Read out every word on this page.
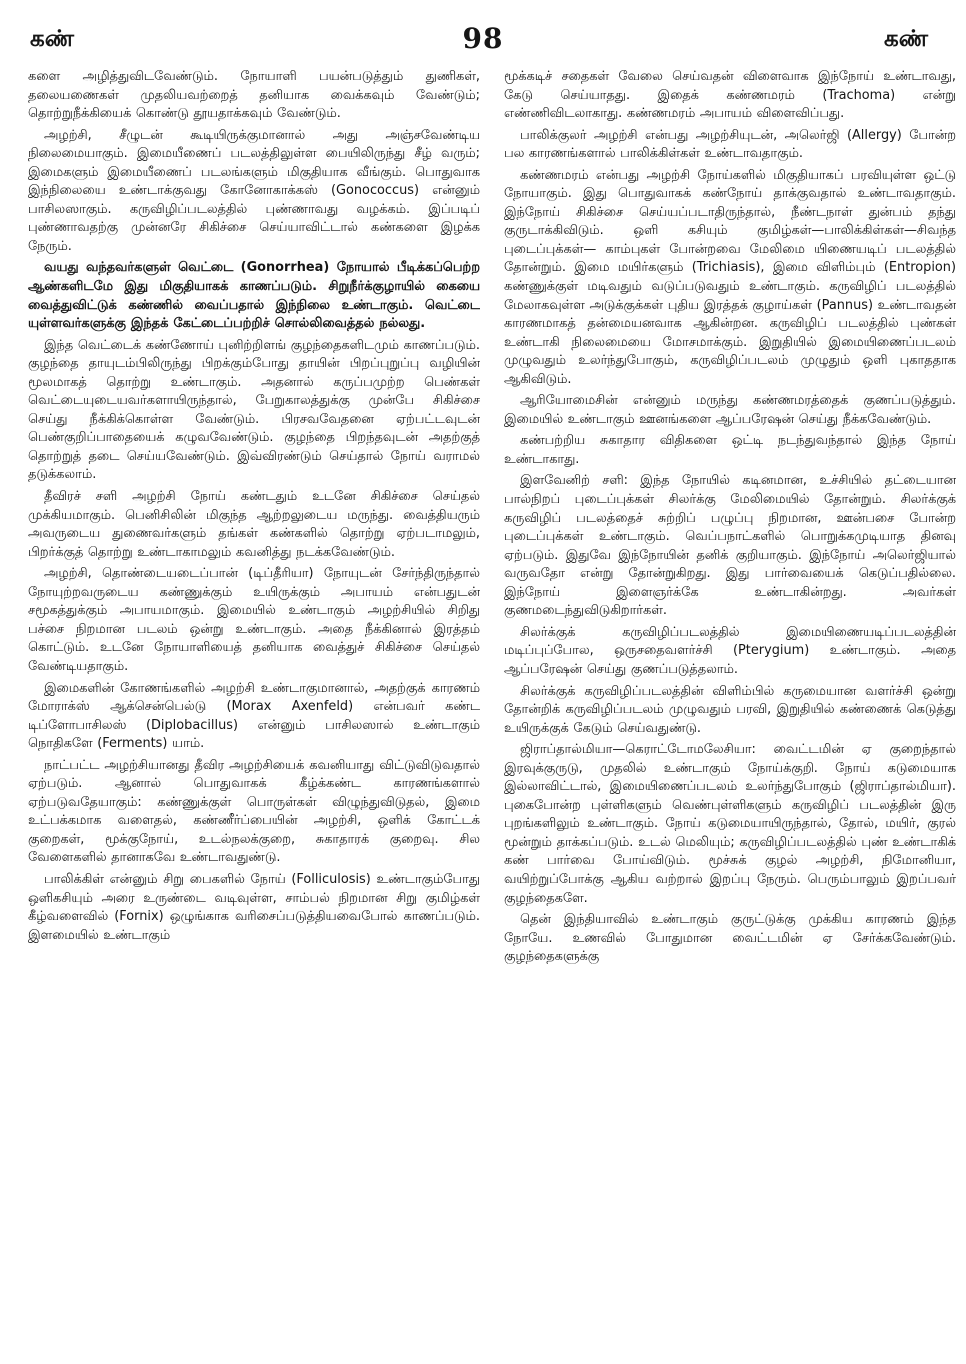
கண்	98	கண்

களை அழித்துவிடவேண்டும். நோயாளி பயன்படுத்தும் துணிகள், தலையணைகள் முதலியவற்றைத் தனியாக வைக்கவும் வேண்டும்; தொற்றுநீக்கியைக் கொண்டு தூயதாக்கவும் வேண்டும்.

அழற்சி, சீழுடன் கூடியிருக்குமானால் அது அஞ்சவேண்டிய நிலைமையாகும். இமையீணைப் படலத்திலுள்ள பையிலிருந்து சீழ் வரும்; இமைகளும் இமையீணைப் படலங்களும் மிகுதியாக வீங்கும். பொதுவாக இந்நிலையை உண்டாக்குவது கோனோகாக்கஸ் (Gonococcus) என்னும் பாசிலஸாகும். கருவிழிப்படலத்தில் புண்ணாவது வழக்கம். இப்படிப் புண்ணாவதற்கு முன்னரே சிகிச்சை செய்யாவிட்டால் கண்களை இழக்க நேரும்.

வயது வந்தவர்களுள் வெட்டை (Gonorrhea) நோயால் பீடிக்கப்பெற்ற ஆண்களிடமே இது மிகுதியாகக் காணப்படும். சிறுநீர்க்குழாயில் கையை வைத்துவிட்டுக் கண்ணில் வைப்பதால் இந்நிலை உண்டாகும். வெட்டை யுள்ளவர்களுக்கு இந்தக் கேட்டைப்பற்றிச் சொல்லிவைத்தல் நல்லது.

இந்த வெட்டைக் கண்ணோய் புனிற்றிளங் குழந்தைகளிடமும் காணப்படும். குழந்தை தாயுடம்பிலிருந்து பிறக்கும்போது தாயின் பிறப்புறுப்பு வழியின் மூலமாகத் தொற்று உண்டாகும். அதனால் கருப்பமுற்ற பெண்கள் வெட்டையுடையவர்களாயிருந்தால், பேறுகாலத்துக்கு முன்பே சிகிச்சை செய்து நீக்கிக்கொள்ள வேண்டும். பிரசவவேதனை ஏற்பட்டவுடன் பெண்குறிப்பாதையைக் கழுவவேண்டும். குழந்தை பிறந்தவுடன் அதற்குத் தொற்றுத் தடை செய்யவேண்டும். இவ்விரண்டும் செய்தால் நோய் வராமல் தடுக்கலாம்.

தீவிரச் சளி அழற்சி நோய் கண்டதும் உடனே சிகிச்சை செய்தல் முக்கியமாகும். பெனிசிலின் மிகுந்த ஆற்றலுடைய மருந்து. வைத்தியரும் அவருடைய துணைவர்களும் தங்கள் கண்களில் தொற்று ஏற்படாமலும், பிறர்க்குத் தொற்று உண்டாகாமலும் கவனித்து நடக்கவேண்டும்.

அழற்சி, தொண்டையடைப்பான் (டிப்தீரியா) நோயுடன் சேர்ந்திருந்தால் நோயுற்றவருடைய கண்ணுக்கும் உயிருக்கும் அபாயம் என்பதுடன் சமூகத்துக்கும் அபாயமாகும். இமையில் உண்டாகும் அழற்சியில் சிறிது பச்சை நிறமான படலம் ஒன்று உண்டாகும். அதை நீக்கினால் இரத்தம் கொட்டும். உடனே நோயாளியைத் தனியாக வைத்துச் சிகிச்சை செய்தல் வேண்டியதாகும்.

இமைகளின் கோணங்களில் அழற்சி உண்டாகுமானால், அதற்குக் காரணம் மோராக்ஸ் ஆக்சென்பெல்டு (Morax Axenfeld) என்பவர் கண்ட டிப்ளோபாசிலஸ் (Diplobacillus) என்னும் பாசிலஸால் உண்டாகும் நொதிகளே (Ferments) யாம்.

நாட்பட்ட அழற்சியானது தீவிர அழற்சியைக் கவனியாது விட்டுவிடுவதால் ஏற்படும். ஆனால் பொதுவாகக் கீழ்க்கண்ட காரணங்களால் ஏற்படுவதேயாகும்: கண்ணுக்குள் பொருள்கள் விழுந்துவிடுதல், இமை உட்பக்கமாக வளைதல், கண்ணீர்ப்பையின் அழற்சி, ஒளிக் கோட்டக் குறைகள், மூக்குநோய், உடல்நலக்குறை, சுகாதாரக் குறைவு. சில வேளைகளில் தானாகவே உண்டாவதுண்டு.

பாலிக்கிள் என்னும் சிறு பைகளில் நோய் (Folliculosis) உண்டாகும்போது ஒளிகசியும் அரை உருண்டை வடிவுள்ள, சாம்பல் நிறமான சிறு குமிழ்கள் கீழ்வளைவில் (Fornix) ஒழுங்காக வரிசைப்படுத்தியவைபோல் காணப்படும். இளமையில் உண்டாகும்

மூக்கடிச் சதைகள் வேலை செய்வதன் விளைவாக இந்நோய் உண்டாவது, கேடு செய்யாதது. இதைக் கண்ணமரம் (Trachoma) என்று எண்ணிவிடலாகாது. கண்ணமரம் அபாயம் விளைவிப்பது.

பாலிக்குலர் அழற்சி என்பது அழற்சியுடன், அலெர்ஜி (Allergy) போன்ற பல காரணங்களால் பாலிக்கிள்கள் உண்டாவதாகும்.

கண்ணமரம் என்பது அழற்சி நோய்களில் மிகுதியாகப் பரவியுள்ள ஒட்டு நோயாகும். இது பொதுவாகக் கண்நோய் தாக்குவதால் உண்டாவதாகும். இந்நோய் சிகிச்சை செய்யப்படாதிருந்தால், நீண்டநாள் துன்பம் தந்து குருடாக்கிவிடும். ஒளி கசியும் குமிழ்கள்—பாலிக்கிள்கள்—சிவந்த புடைப்புக்கள்— காம்புகள் போன்றவை மேலிமை யிணையடிப் படலத்தில் தோன்றும். இமை மயிர்களும் (Trichiasis), இமை விளிம்பும் (Entropion) கண்ணுக்குள் மடிவதும் வடுப்படுவதும் உண்டாகும். கருவிழிப் படலத்தில் மேலாகவுள்ள அடுக்குக்கள் புதிய இரத்தக் குழாய்கள் (Pannus) உண்டாவதன் காரணமாகத் தன்மையனவாக ஆகின்றன. கருவிழிப் படலத்தில் புண்கள் உண்டாகி நிலைமையை மோசமாக்கும். இறுதியில் இமையிணைப்படலம் முழுவதும் உலர்ந்துபோகும், கருவிழிப்படலம் முழுதும் ஒளி புகாததாக ஆகிவிடும்.

ஆரியோமைசின் என்னும் மருந்து கண்ணமரத்தைக் குணப்படுத்தும். இமையில் உண்டாகும் ஊனங்களை ஆப்பரேஷன் செய்து நீக்கவேண்டும்.

கண்பற்றிய சுகாதார விதிகளை ஒட்டி நடந்துவந்தால் இந்த நோய் உண்டாகாது.

இளவேனிற் சளி: இந்த நோயில் கடினமான, உச்சியில் தட்டையான பால்நிறப் புடைப்புக்கள் சிலர்க்கு மேலிமையில் தோன்றும். சிலர்க்குக் கருவிழிப் படலத்தைச் சுற்றிப் பழுப்பு நிறமான, ஊன்பசை போன்ற புடைப்புக்கள் உண்டாகும். வெப்பநாட்களில் பொறுக்கமுடியாத தினவு ஏற்படும். இதுவே இந்நோயின் தனிக் குறியாகும். இந்நோய் அலெர்ஜியால் வருவதோ என்று தோன்றுகிறது. இது பார்வையைக் கெடுப்பதில்லை. இந்நோய் இளைஞர்க்கே உண்டாகின்றது. அவர்கள் குணமடைந்துவிடுகிறார்கள்.

சிலர்க்குக் கருவிழிப்படலத்தில் இமையிணையடிப்படலத்தின் மடிப்புப்போல, ஒருசதைவளர்ச்சி (Pterygium) உண்டாகும். அதை ஆப்பரேஷன் செய்து குணப்படுத்தலாம்.

சிலர்க்குக் கருவிழிப்படலத்தின் விளிம்பில் கருமையான வளர்ச்சி ஒன்று தோன்றிக் கருவிழிப்படலம் முழுவதும் பரவி, இறுதியில் கண்ணைக் கெடுத்து உயிருக்குக் கேடும் செய்வதுண்டு.

ஜிராப்தால்மியா—கெராட்டோமலேசியா: வைட்டமின் ஏ குறைந்தால் இரவுக்குருடு, முதலில் உண்டாகும் நோய்க்குறி. நோய் கடுமையாக இல்லாவிட்டால், இமையிணைப்படலம் உலர்ந்துபோகும் (ஜிராப்தால்மியா). புகைபோன்ற புள்ளிகளும் வெண்புள்ளிகளும் கருவிழிப் படலத்தின் இரு புறங்களிலும் உண்டாகும். நோய் கடுமையாயிருந்தால், தோல், மயிர், குரல் மூன்றும் தாக்கப்படும். உடல் மெலியும்; கருவிழிப்படலத்தில் புண் உண்டாகிக் கண் பார்வை போய்விடும். மூச்சுக் குழல் அழற்சி, நிமோனியா, வயிற்றுப்போக்கு ஆகிய வற்றால் இறப்பு நேரும். பெரும்பாலும் இறப்பவர் குழந்தைகளே.

தென் இந்தியாவில் உண்டாகும் குருட்டுக்கு முக்கிய காரணம் இந்த நோயே. உணவில் போதுமான வைட்டமின் ஏ சேர்க்கவேண்டும். குழந்தைகளுக்கு
